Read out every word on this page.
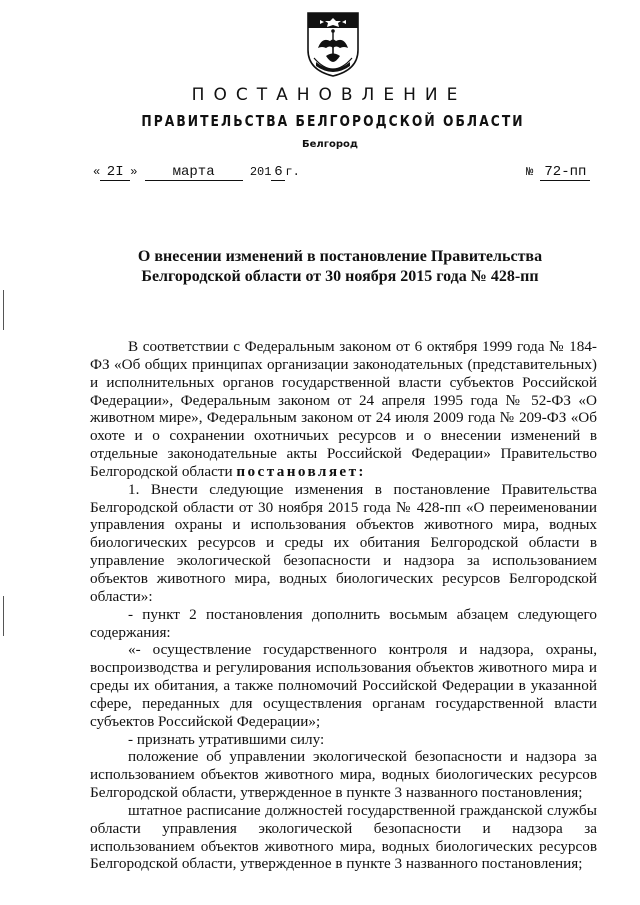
ПОСТАНОВЛЕНИЕ
ПРАВИТЕЛЬСТВА БЕЛГОРОДСКОЙ ОБЛАСТИ
Белгород
« 2I »	марта	201 6 г.	№ 72-пп
О внесении изменений в постановление Правительства
Белгородской области от 30 ноября 2015 года № 428-пп

В соответствии с Федеральным законом от 6 октября 1999 года № 184-ФЗ «Об общих принципах организации законодательных (представительных) и исполнительных органов государственной власти субъектов Российской Федерации», Федеральным законом от 24 апреля 1995 года № 52-ФЗ «О животном мире», Федеральным законом от 24 июля 2009 года № 209-ФЗ «Об охоте и о сохранении охотничьих ресурсов и о внесении изменений в отдельные законодательные акты Российской Федерации» Правительство Белгородской области постановляет:

1. Внести следующие изменения в постановление Правительства Белгородской области от 30 ноября 2015 года № 428-пп «О переименовании управления охраны и использования объектов животного мира, водных биологических ресурсов и среды их обитания Белгородской области в управление экологической безопасности и надзора за использованием объектов животного мира, водных биологических ресурсов Белгородской области»:

- пункт 2 постановления дополнить восьмым абзацем следующего содержания:

«- осуществление государственного контроля и надзора, охраны, воспроизводства и регулирования использования объектов животного мира и среды их обитания, а также полномочий Российской Федерации в указанной сфере, переданных для осуществления органам государственной власти субъектов Российской Федерации»;

- признать утратившими силу:

положение об управлении экологической безопасности и надзора за использованием объектов животного мира, водных биологических ресурсов Белгородской области, утвержденное в пункте 3 названного постановления;

штатное расписание должностей государственной гражданской службы области управления экологической безопасности и надзора за использованием объектов животного мира, водных биологических ресурсов Белгородской области, утвержденное в пункте 3 названного постановления;
